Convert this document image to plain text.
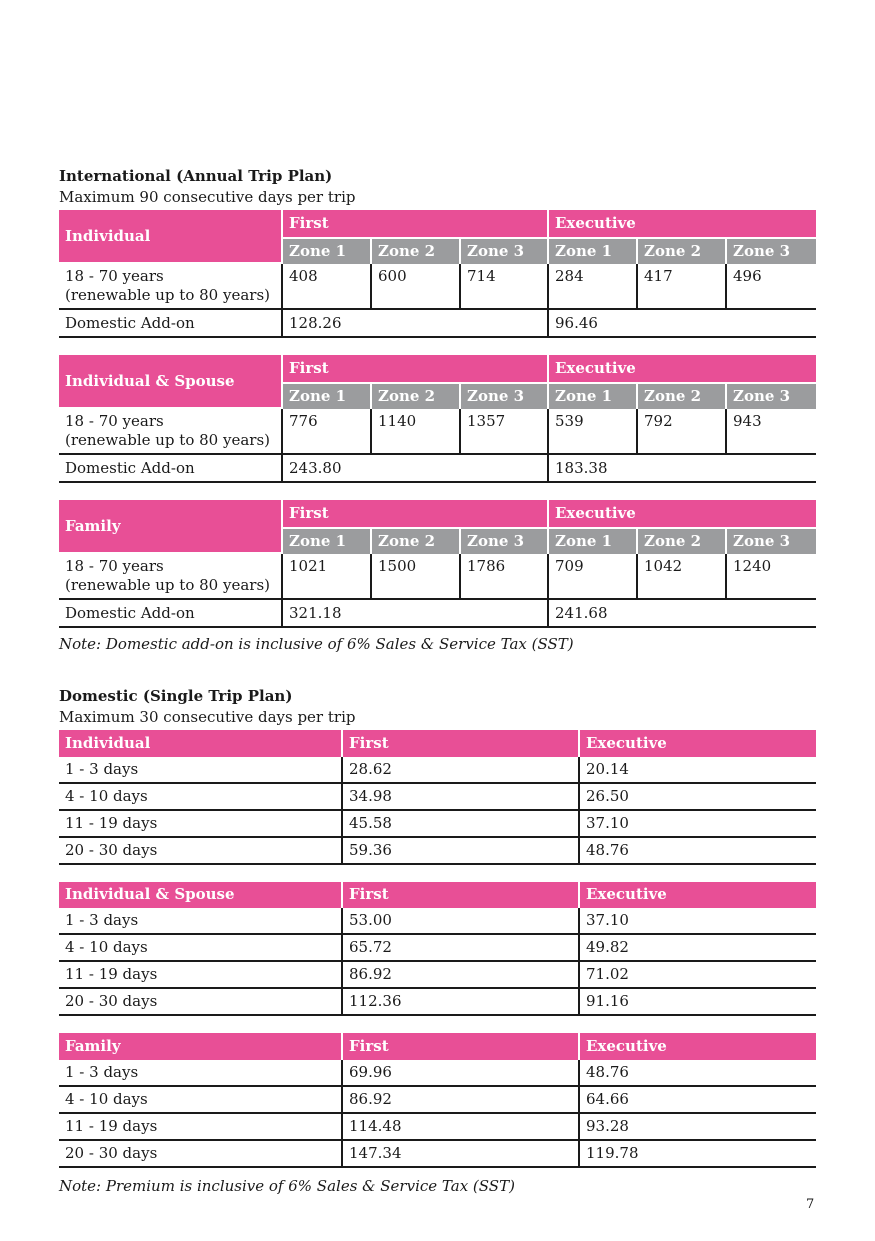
International (Annual Trip Plan)

Maximum 90 consecutive days per trip

Individual	First			Executive		
	Zone 1	Zone 2	Zone 3	Zone 1	Zone 2	Zone 3
18 - 70 years
(renewable up to 80 years)	408	600	714	284	417	496
Domestic Add-on	128.26			96.46		
Individual & Spouse	First			Executive		
	Zone 1	Zone 2	Zone 3	Zone 1	Zone 2	Zone 3
18 - 70 years
(renewable up to 80 years)	776	1140	1357	539	792	943
Domestic Add-on	243.80			183.38		
Family	First			Executive		
	Zone 1	Zone 2	Zone 3	Zone 1	Zone 2	Zone 3
18 - 70 years
(renewable up to 80 years)	1021	1500	1786	709	1042	1240
Domestic Add-on	321.18			241.68		

Note: Domestic add-on is inclusive of 6% Sales & Service Tax (SST)

Domestic (Single Trip Plan)

Maximum 30 consecutive days per trip

Individual	First	Executive
1 - 3 days	28.62	20.14
4 - 10 days	34.98	26.50
11 - 19 days	45.58	37.10
20 - 30 days	59.36	48.76
Individual & Spouse	First	Executive
1 - 3 days	53.00	37.10
4 - 10 days	65.72	49.82
11 - 19 days	86.92	71.02
20 - 30 days	112.36	91.16
Family	First	Executive
1 - 3 days	69.96	48.76
4 - 10 days	86.92	64.66
11 - 19 days	114.48	93.28
20 - 30 days	147.34	119.78

Note: Premium is inclusive of 6% Sales & Service Tax (SST)

7
